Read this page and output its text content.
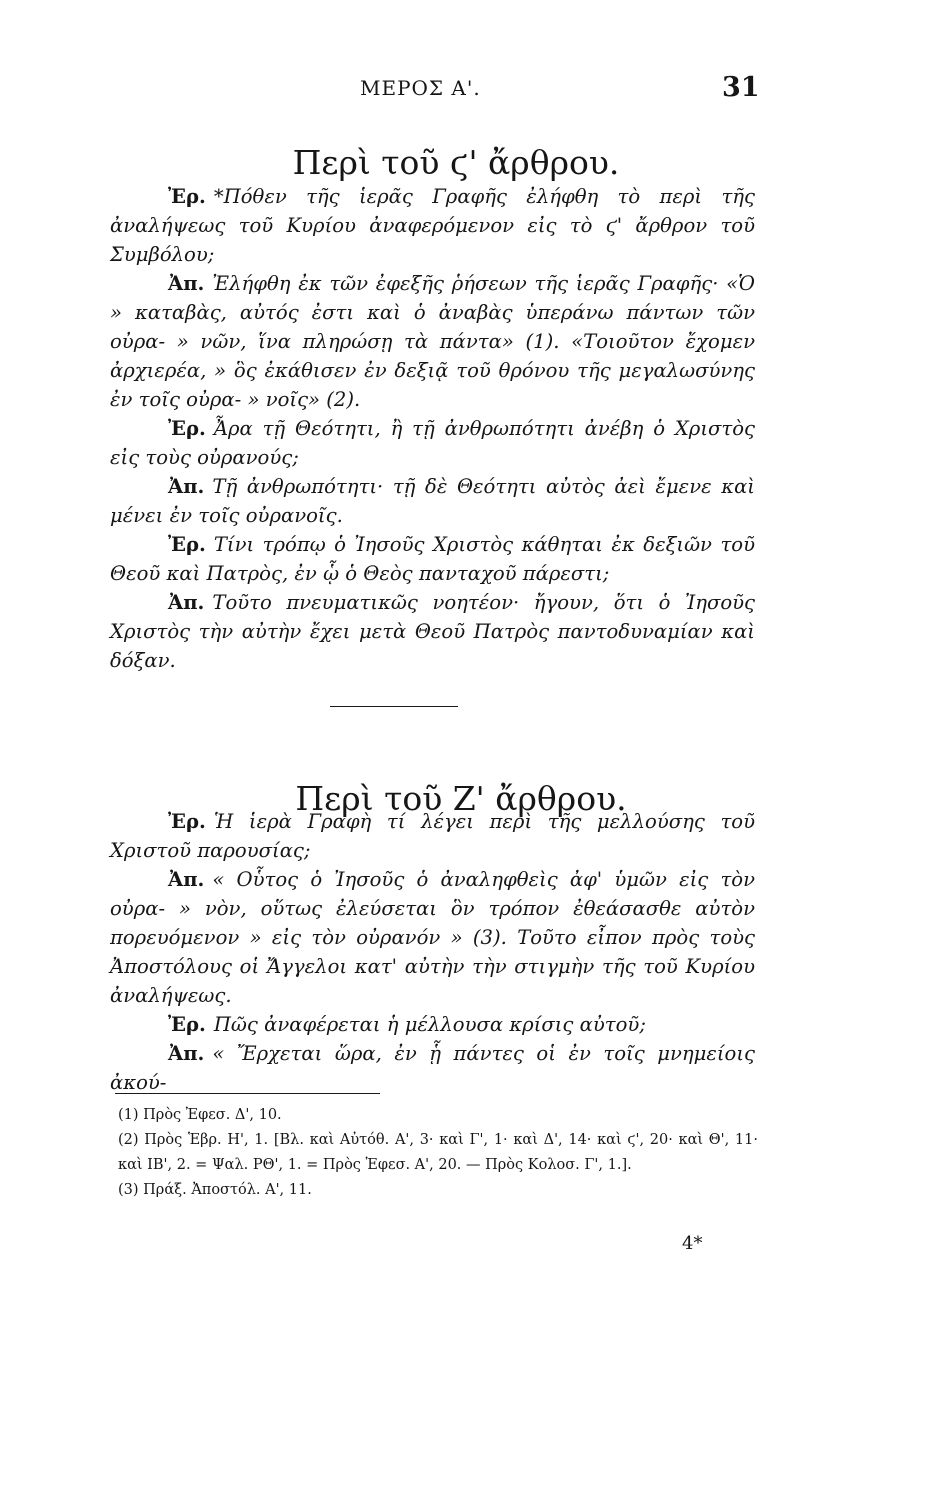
ΜΕΡΟΣ Α'.	31
Περὶ τοῦ ϛ' ἄρθρου.

Ἐρ. *Πόθεν τῆς ἱερᾶς Γραφῆς ἐλήφθη τὸ περὶ τῆς ἀναλήψεως τοῦ Κυρίου ἀναφερόμενον εἰς τὸ ϛ' ἄρθρον τοῦ Συμβόλου;

Ἀπ. Ἐλήφθη ἐκ τῶν ἐφεξῆς ῥήσεων τῆς ἱερᾶς Γραφῆς· «Ὁ » καταβὰς, αὐτός ἐστι καὶ ὁ ἀναβὰς ὑπεράνω πάντων τῶν οὐρα- » νῶν, ἵνα πληρώσῃ τὰ πάντα» (1). «Τοιοῦτον ἔχομεν ἀρχιερέα, » ὃς ἐκάθισεν ἐν δεξιᾷ τοῦ θρόνου τῆς μεγαλωσύνης ἐν τοῖς οὐρα- » νοῖς» (2).

Ἐρ. Ἆρα τῇ Θεότητι, ἢ τῇ ἀνθρωπότητι ἀνέβη ὁ Χριστὸς εἰς τοὺς οὐρανούς;

Ἀπ. Τῇ ἀνθρωπότητι· τῇ δὲ Θεότητι αὐτὸς ἀεὶ ἔμενε καὶ μένει ἐν τοῖς οὐρανοῖς.

Ἐρ. Τίνι τρόπῳ ὁ Ἰησοῦς Χριστὸς κάθηται ἐκ δεξιῶν τοῦ Θεοῦ καὶ Πατρὸς, ἐν ᾧ ὁ Θεὸς πανταχοῦ πάρεστι;

Ἀπ. Τοῦτο πνευματικῶς νοητέον· ἤγουν, ὅτι ὁ Ἰησοῦς Χριστὸς τὴν αὐτὴν ἔχει μετὰ Θεοῦ Πατρὸς παντοδυναμίαν καὶ δόξαν.

Περὶ τοῦ Ζ' ἄρθρου.

Ἐρ. Ἡ ἱερὰ Γραφὴ τί λέγει περὶ τῆς μελλούσης τοῦ Χριστοῦ παρουσίας;

Ἀπ. « Οὗτος ὁ Ἰησοῦς ὁ ἀναληφθεὶς ἀφ' ὑμῶν εἰς τὸν οὐρα- » νὸν, οὕτως ἐλεύσεται ὃν τρόπον ἐθεάσασθε αὐτὸν πορευόμενον » εἰς τὸν οὐρανόν » (3). Τοῦτο εἶπον πρὸς τοὺς Ἀποστόλους οἱ Ἄγγελοι κατ' αὐτὴν τὴν στιγμὴν τῆς τοῦ Κυρίου ἀναλήψεως.

Ἐρ. Πῶς ἀναφέρεται ἡ μέλλουσα κρίσις αὐτοῦ;

Ἀπ. « Ἔρχεται ὥρα, ἐν ᾗ πάντες οἱ ἐν τοῖς μνημείοις ἀκού-

(1) Πρὸς Ἐφεσ. Δ', 10.

(2) Πρὸς Ἑβρ. Η', 1. [Βλ. καὶ Αὐτόθ. Α', 3· καὶ Γ', 1· καὶ Δ', 14· καὶ ϛ', 20· καὶ Θ', 11· καὶ ΙΒ', 2. = Ψαλ. ΡΘ', 1. = Πρὸς Ἐφεσ. Α', 20. — Πρὸς Κολοσ. Γ', 1.].

(3) Πράξ. Ἀποστόλ. Α', 11.

4*
